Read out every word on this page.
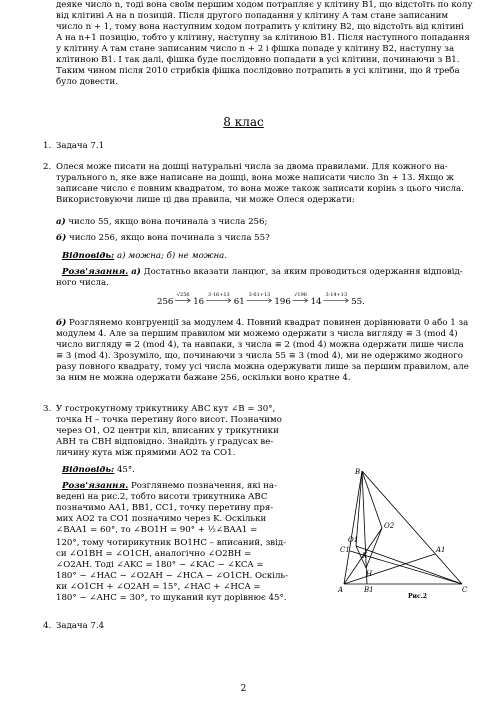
деяке число n, тоді вона своїм першим ходом потрапляє у клітину B1, що відстоїть по колу
від клітині A на n позицій. Після другого попадання у клітину A там стане записаним
число n + 1, тому вона наступним ходом потрапить у клітину B2, що відстоїть від клітині
A на n+1 позицію, тобто у клітину, наступну за клітиною B1. Після наступного попадання
у клітину A там стане записаним число n + 2 і фішка попаде у клітину B2, наступну за
клітиною B1. І так далі, фішка буде послідовно попадати в усі клітини, починаючи з B1.
Таким чином після 2010 стрибків фішка послідовно потрапить в усі клітини, що й треба
було довести.
8 клас
1. Задача 7.1
2. Олеся може писати на дошці натуральні числа за двома правилами. Для кожного на-
турального n, яке вже написане на дошці, вона може написати число 3n + 13. Якщо ж
записане число є повним квадратом, то вона може також записати корінь з цього числа.
Використовуючи лише ці два правила, чи може Олеся одержати:
а) число 55, якщо вона починала з числа 256;
б) число 256, якщо вона починала з числа 55?
Відповідь: а) можна; б) не можна.
Розв'язання. а) Достатньо вказати ланцюг, за яким проводиться одержання відповід-
ного числа.
256
√256
16
3·16+13
61
3·61+13
196
√196
14
3·14+13
55.
б) Розглянемо конгруенції за модулем 4. Повний квадрат повинен дорівнювати 0 або 1 за
модулем 4. Але за першим правилом ми можемо одержати з числа вигляду ≡ 3 (mod 4)
число вигляду ≡ 2 (mod 4), та навпаки, з числа ≡ 2 (mod 4) можна одержати лише числа
≡ 3 (mod 4). Зрозуміло, що, починаючи з числа 55 ≡ 3 (mod 4), ми не одержимо жодного
разу повного квадрату, тому усі числа можна одержувати лише за першим правилом, але
за ним не можна одержати бажане 256, оскільки воно кратне 4.
3. У гострокутному трикутнику ABC кут ∠B = 30°,
точка H – точка перетину його висот. Позначимо
через O1, O2 центри кіл, вписаних у трикутники
ABH та CBH відповідно. Знайдіть у градусах ве-
личину кута між прямими AO2 та CO1.
Відповідь: 45°.
Розв'язання. Розглянемо позначення, які на-
ведені на рис.2, тобто висоти трикутника ABC
позначимо AA1, BB1, CC1, точку перетину пря-
мих AO2 та CO1 позначимо через K. Оскільки
∠BAA1 = 60°, то ∠BO1H = 90° + ½∠BAA1 =
120°, тому чотирикутник BO1HC – вписаний, звід-
си ∠O1BH = ∠O1CH, аналогічно ∠O2BH =
∠O2AH. Тоді ∠AKC = 180° − ∠KAC − ∠KCA =
180° − ∠HAC − ∠O2AH − ∠HCA − ∠O1CH. Оскіль-
ки ∠O1CH + ∠O2AH = 15°, ∠HAC + ∠HCA =
180° − ∠AHC = 30°, то шуканий кут дорівнює 45°.
B
A	C
A1
C1
B1
H
K
O1
O2
Рис.2
4. Задача 7.4
2
